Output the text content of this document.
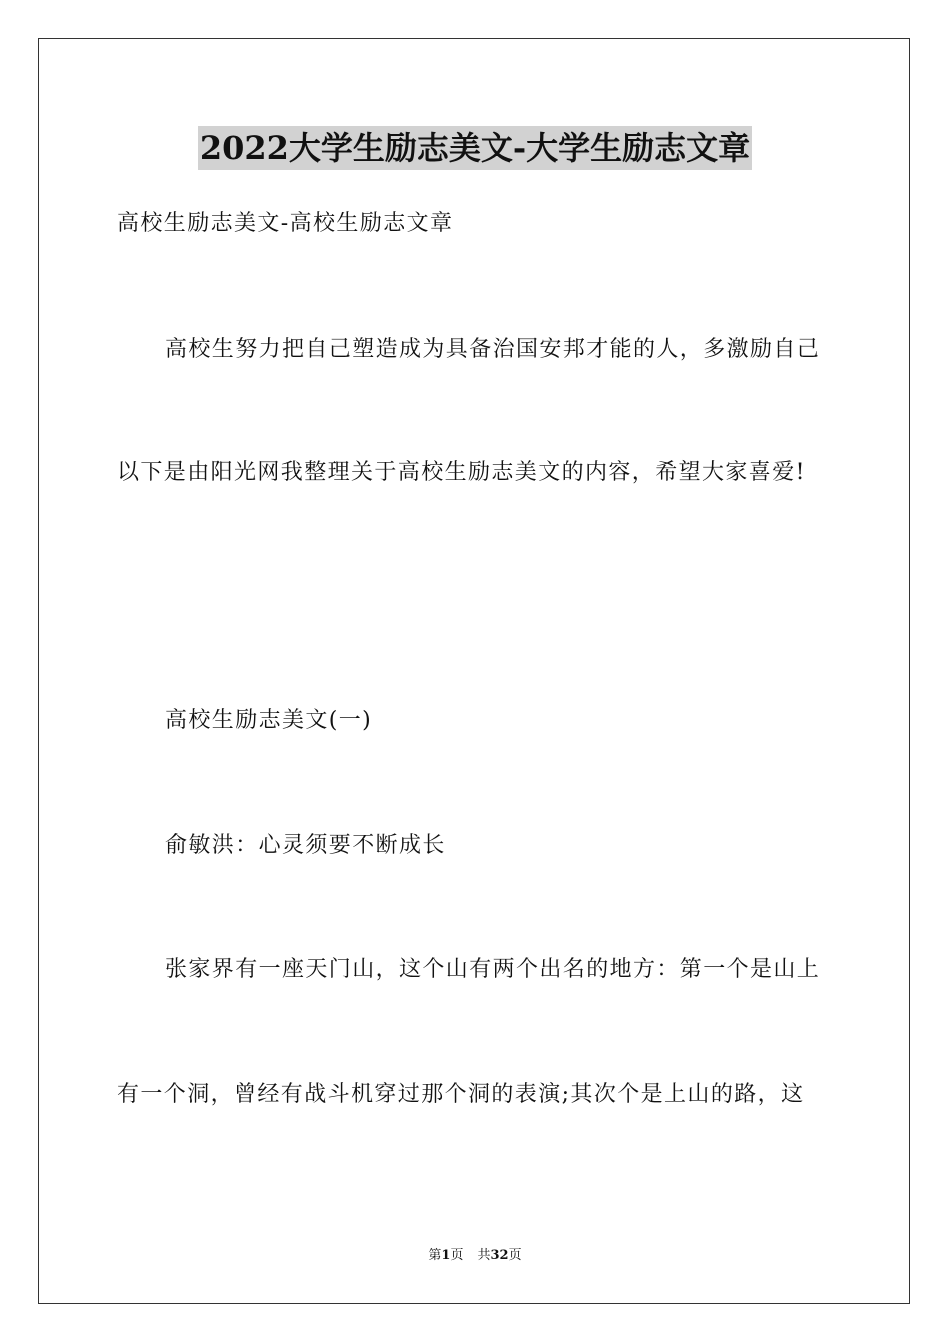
2022大学生励志美文-大学生励志文章
高校生励志美文-高校生励志文章
高校生努力把自己塑造成为具备治国安邦才能的人，多激励自己
以下是由阳光网我整理关于高校生励志美文的内容，希望大家喜爱!
高校生励志美文(一)
俞敏洪：心灵须要不断成长
张家界有一座天门山，这个山有两个出名的地方：第一个是山上
有一个洞，曾经有战斗机穿过那个洞的表演;其次个是上山的路，这
第1页 共32页
